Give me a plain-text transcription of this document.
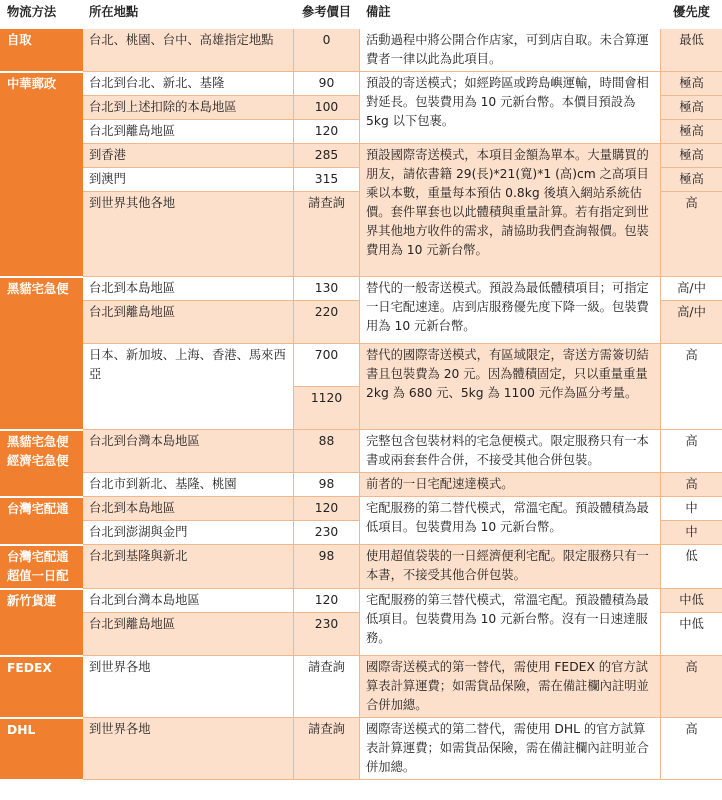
物流方法	所在地點	參考價目	備註	優先度
自取	台北、桃園、台中、高雄指定地點	0	活動過程中將公開合作店家，可到店自取。未合算運費者一律以此為此項目。	最低
中華郵政	台北到台北、新北、基隆	90	預設的寄送模式；如經跨區或跨島嶼運輸，時間會相對延長。包裝費用為 10 元新台幣。本價目預設為 5kg 以下包裹。	極高
	台北到上述扣除的本島地區	100		極高
	台北到離島地區	120		極高
	到香港	285	預設國際寄送模式，本項目金額為單本。大量購買的朋友，請依書籍 29(長)*21(寬)*1 (高)cm 之高項目乘以本數，重量每本預估 0.8kg 後填入網站系統估價。套件單套也以此體積與重量計算。若有指定到世界其他地方收件的需求，請協助我們查詢報價。包裝費用為 10 元新台幣。	極高
	到澳門	315		極高
	到世界其他各地	請查詢		高
黑貓宅急便	台北到本島地區	130	替代的一般寄送模式。預設為最低體積項目；可指定一日宅配速達。店到店服務優先度下降一級。包裝費用為 10 元新台幣。	高/中
	台北到離島地區	220		高/中
	日本、新加坡、上海、香港、馬來西亞	700	替代的國際寄送模式，有區域限定，寄送方需簽切結書且包裝費為 20 元。因為體積固定，只以重量重量 2kg 為 680 元、5kg 為 1100 元作為區分考量。	高
		1120		
黑貓宅急便經濟宅急便	台北到台灣本島地區	88	完整包含包裝材料的宅急便模式。限定服務只有一本書或兩套套件合併，不接受其他合併包裝。	高
	台北市到新北、基隆、桃園	98	前者的一日宅配速達模式。	高
台灣宅配通	台北到本島地區	120	宅配服務的第二替代模式，常溫宅配。預設體積為最低項目。包裝費用為 10 元新台幣。	中
	台北到澎湖與金門	230		中
台灣宅配通超值一日配	台北到基隆與新北	98	使用超值袋裝的一日經濟便利宅配。限定服務只有一本書，不接受其他合併包裝。	低
新竹貨運	台北到台灣本島地區	120	宅配服務的第三替代模式，常溫宅配。預設體積為最低項目。包裝費用為 10 元新台幣。沒有一日速達服務。	中低
	台北到離島地區	230		中低
FEDEX	到世界各地	請查詢	國際寄送模式的第一替代，需使用 FEDEX 的官方試算表計算運費；如需貨品保險，需在備註欄內註明並合併加總。	高
DHL	到世界各地	請查詢	國際寄送模式的第二替代，需使用 DHL 的官方試算表計算運費；如需貨品保險，需在備註欄內註明並合併加總。	高
